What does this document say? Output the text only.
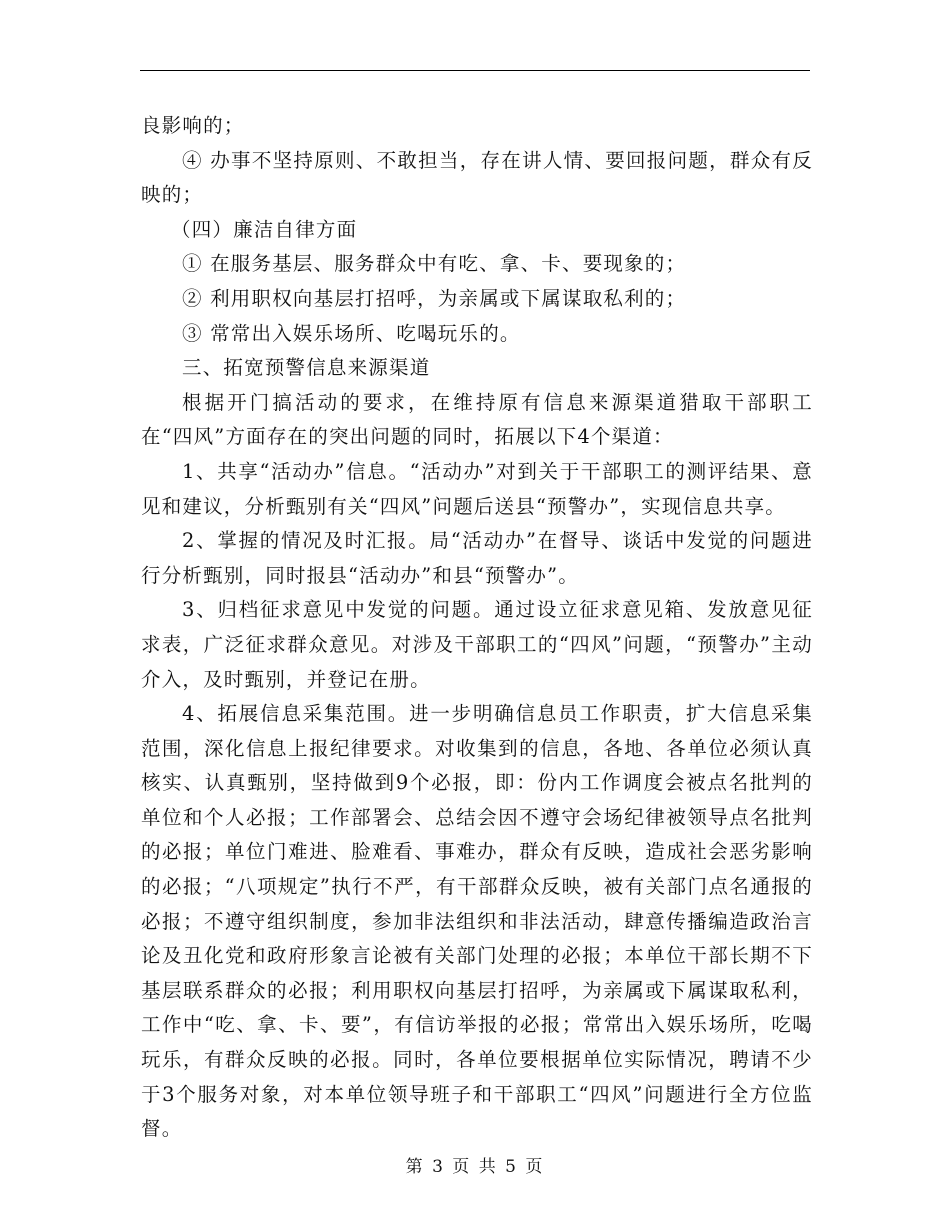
良影响的；

④ 办事不坚持原则、不敢担当，存在讲人情、要回报问题，群众有反映的；

（四）廉洁自律方面

① 在服务基层、服务群众中有吃、拿、卡、要现象的；

② 利用职权向基层打招呼，为亲属或下属谋取私利的；

③ 常常出入娱乐场所、吃喝玩乐的。

三、拓宽预警信息来源渠道

根据开门搞活动的要求，在维持原有信息来源渠道猎取干部职工在“四风”方面存在的突出问题的同时，拓展以下4个渠道：

1、共享“活动办”信息。“活动办”对到关于干部职工的测评结果、意见和建议，分析甄别有关“四风”问题后送县“预警办”，实现信息共享。

2、掌握的情况及时汇报。局“活动办”在督导、谈话中发觉的问题进行分析甄别，同时报县“活动办”和县“预警办”。

3、归档征求意见中发觉的问题。通过设立征求意见箱、发放意见征求表，广泛征求群众意见。对涉及干部职工的“四风”问题，“预警办”主动介入，及时甄别，并登记在册。

4、拓展信息采集范围。进一步明确信息员工作职责，扩大信息采集范围，深化信息上报纪律要求。对收集到的信息，各地、各单位必须认真核实、认真甄别，坚持做到9个必报，即：份内工作调度会被点名批判的单位和个人必报；工作部署会、总结会因不遵守会场纪律被领导点名批判的必报；单位门难进、脸难看、事难办，群众有反映，造成社会恶劣影响的必报；“八项规定”执行不严，有干部群众反映，被有关部门点名通报的必报；不遵守组织制度，参加非法组织和非法活动，肆意传播编造政治言论及丑化党和政府形象言论被有关部门处理的必报；本单位干部长期不下基层联系群众的必报；利用职权向基层打招呼，为亲属或下属谋取私利，工作中“吃、拿、卡、要”，有信访举报的必报；常常出入娱乐场所，吃喝玩乐，有群众反映的必报。同时，各单位要根据单位实际情况，聘请不少于3个服务对象，对本单位领导班子和干部职工“四风”问题进行全方位监督。

第 3 页 共 5 页
